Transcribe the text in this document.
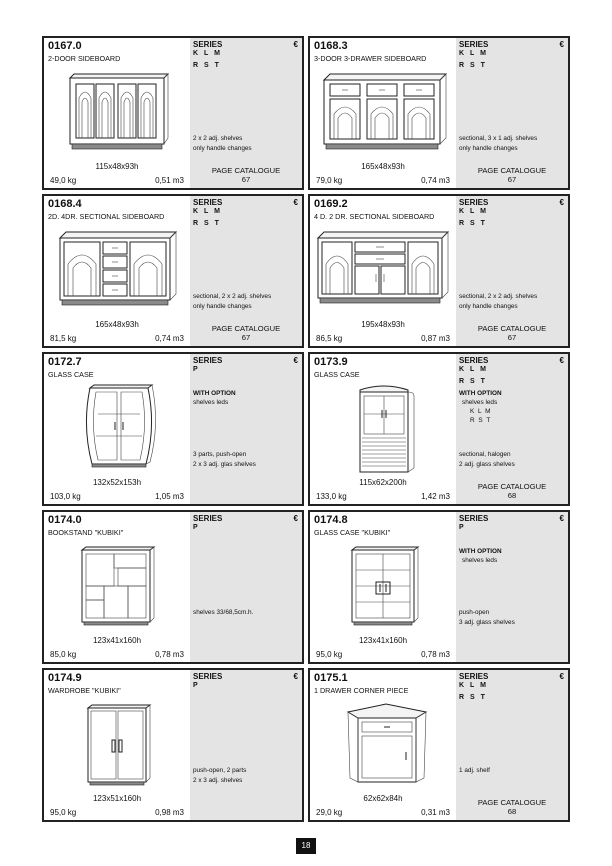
0167.0
2-DOOR SIDEBOARD
115x48x93h
49,0 kg	0,51 m3
SERIES	€
K L M
R S T
2 x 2 adj. shelves
only handle changes
PAGE CATALOGUE
67
0168.3
3-DOOR 3-DRAWER SIDEBOARD
165x48x93h
79,0 kg	0,74 m3
SERIES	€
K L M
R S T
sectional, 3 x 1 adj. shelves
only handle changes
PAGE CATALOGUE
67
0168.4
2D. 4DR. SECTIONAL SIDEBOARD
165x48x93h
81,5 kg	0,74 m3
SERIES	€
K L M
R S T
sectional, 2 x 2 adj. shelves
only handle changes
PAGE CATALOGUE
67
0169.2
4 D. 2 DR. SECTIONAL SIDEBOARD
195x48x93h
86,5 kg	0,87 m3
SERIES	€
K L M
R S T
sectional, 2 x 2 adj. shelves
only handle changes
PAGE CATALOGUE
67
0172.7
GLASS CASE
132x52x153h
103,0 kg	1,05 m3
SERIES	€
P
WITH OPTION
shelves leds
3 parts, push-open
2 x 3 adj. glas shelves
0173.9
GLASS CASE
115x62x200h
133,0 kg	1,42 m3
SERIES	€
K L M
R S T
WITH OPTION
shelves leds
K L M
R S T
sectional, halogen
2 adj. glass shelves
PAGE CATALOGUE
68
0174.0
BOOKSTAND "KUBIKI"
123x41x160h
85,0 kg	0,78 m3
SERIES	€
P
shelves 33/68,5cm.h.
0174.8
GLASS CASE "KUBIKI"
123x41x160h
95,0 kg	0,78 m3
SERIES	€
P
WITH OPTION
shelves leds
push-open
3 adj. glass shelves
0174.9
WARDROBE "KUBIKI"
123x51x160h
95,0 kg	0,98 m3
SERIES	€
P
push-open, 2 parts
2 x 3 adj. shelves
0175.1
1 DRAWER CORNER PIECE
62x62x84h
29,0 kg	0,31 m3
SERIES	€
K L M
R S T
1 adj. shelf
PAGE CATALOGUE
68
18
